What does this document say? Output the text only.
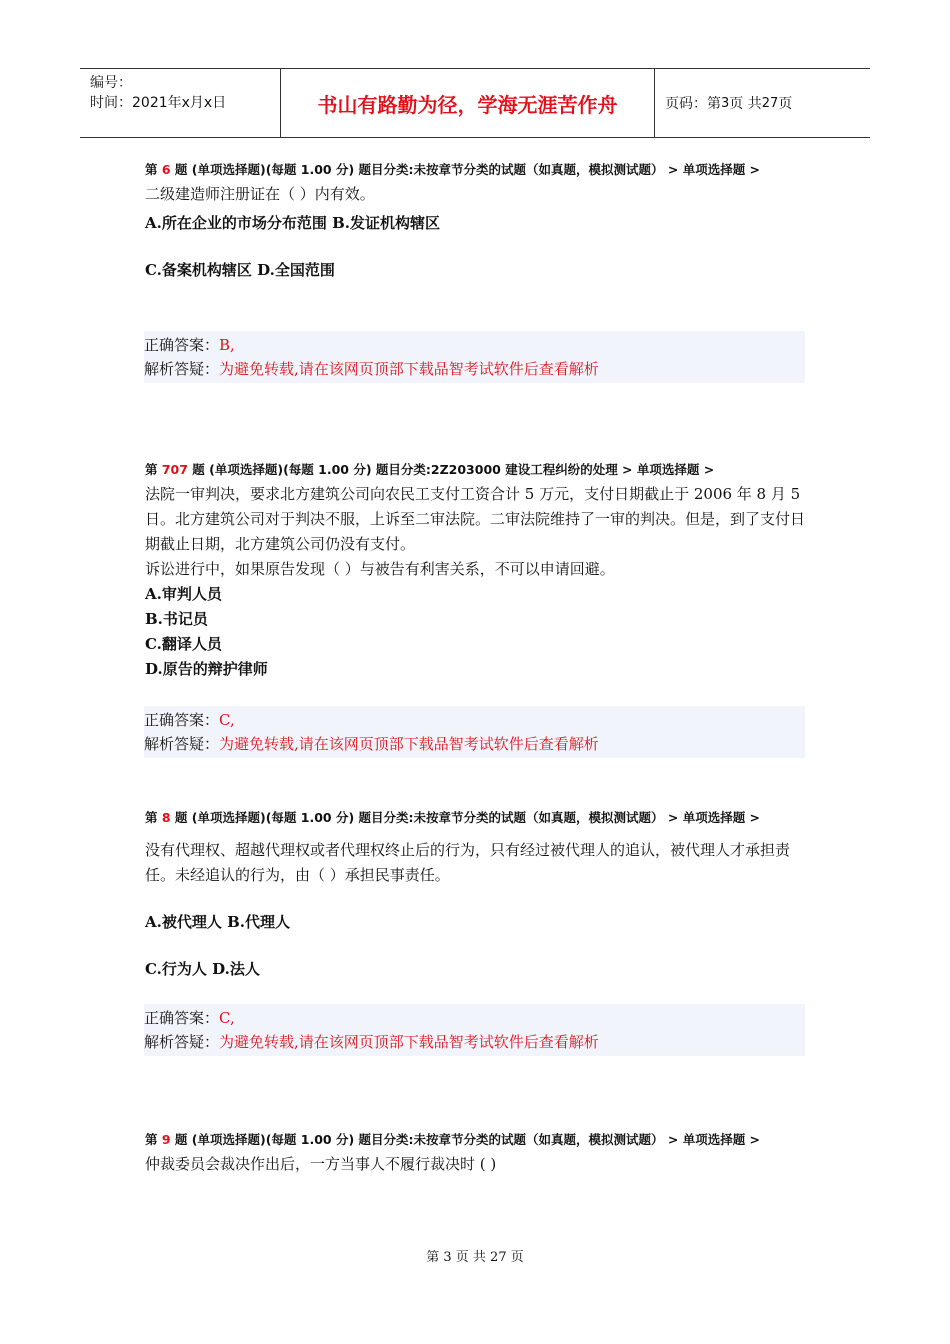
编号：
时间：2021年x月x日	书山有路勤为径，学海无涯苦作舟	页码：第 3 页 共 27 页
第 6 题 (单项选择题)(每题 1.00 分) 题目分类:未按章节分类的试题（如真题，模拟测试题） > 单项选择题 >
二级建造师注册证在（ ）内有效。
A.所在企业的市场分布范围 B.发证机构辖区
C.备案机构辖区 D.全国范围
正确答案：B,
解析答疑：为避免转载,请在该网页顶部下载品智考试软件后查看解析
第 707 题 (单项选择题)(每题 1.00 分) 题目分类:2Z203000 建设工程纠纷的处理 > 单项选择题 >
法院一审判决，要求北方建筑公司向农民工支付工资合计 5 万元，支付日期截止于 2006 年 8 月 5 日。北方建筑公司对于判决不服，上诉至二审法院。二审法院维持了一审的判决。但是，到了支付日期截止日期，北方建筑公司仍没有支付。
诉讼进行中，如果原告发现（ ）与被告有利害关系，不可以申请回避。
A.审判人员
B.书记员
C.翻译人员
D.原告的辩护律师
正确答案：C,
解析答疑：为避免转载,请在该网页顶部下载品智考试软件后查看解析
第 8 题 (单项选择题)(每题 1.00 分) 题目分类:未按章节分类的试题（如真题，模拟测试题） > 单项选择题 >
没有代理权、超越代理权或者代理权终止后的行为，只有经过被代理人的追认，被代理人才承担责任。未经追认的行为，由（ ）承担民事责任。
A.被代理人 B.代理人
C.行为人 D.法人
正确答案：C,
解析答疑：为避免转载,请在该网页顶部下载品智考试软件后查看解析
第 9 题 (单项选择题)(每题 1.00 分) 题目分类:未按章节分类的试题（如真题，模拟测试题） > 单项选择题 >
仲裁委员会裁决作出后，一方当事人不履行裁决时 ( )
第 3 页 共 27 页
